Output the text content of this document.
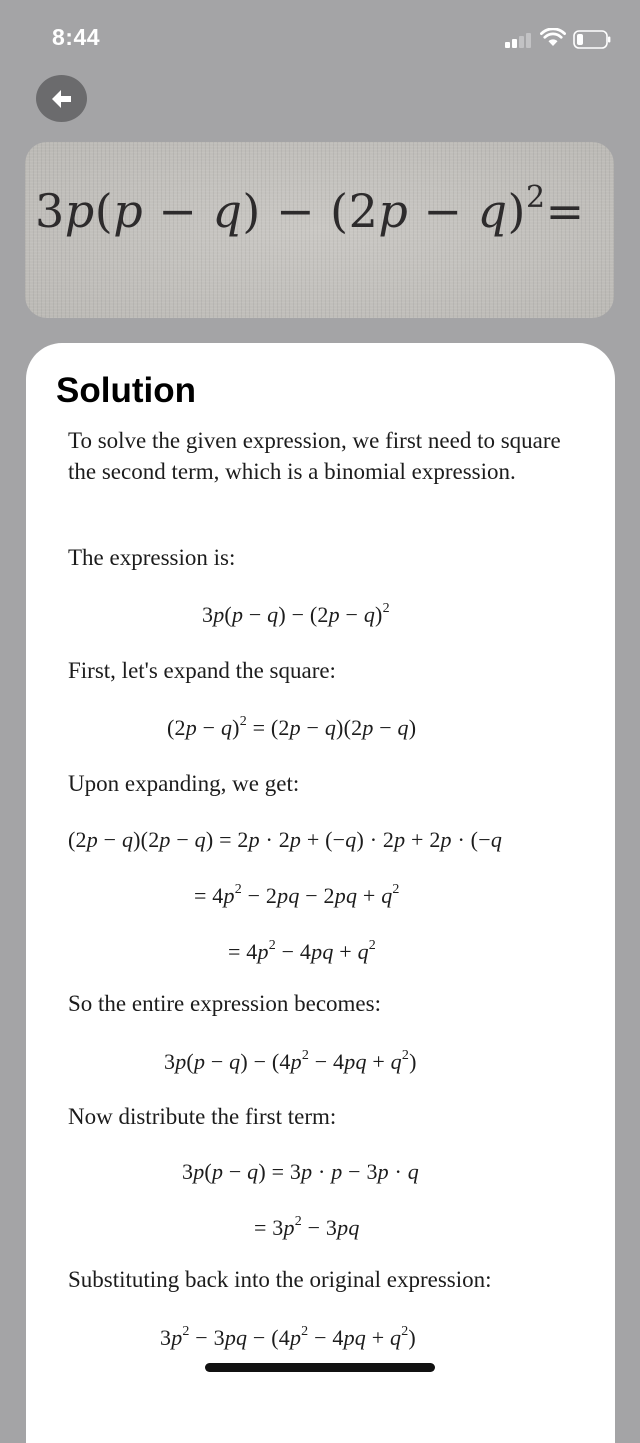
8:44
$3p(p - q) - (2p - q)^2=$
Solution
To solve the given expression, we first need to square the second term, which is a binomial expression.
The expression is:
$3p(p - q) - (2p - q)^2$
First, let's expand the square:
$(2p - q)^2 = (2p - q)(2p - q)$
Upon expanding, we get:
(2p − q)(2p − q) = 2p · 2p + (−q) · 2p + 2p · (−q
= $4p^2 - 2pq - 2pq + q^2$
= $4p^2 - 4pq + q^2$
So the entire expression becomes:
$3p(p - q) - (4p^2 - 4pq + q^2)$
Now distribute the first term:
3p(p − q) = 3p · p − 3p · q
= $3p^2 - 3pq$
Substituting back into the original expression:
$3p^2 - 3pq - (4p^2 - 4pq + q^2)$
